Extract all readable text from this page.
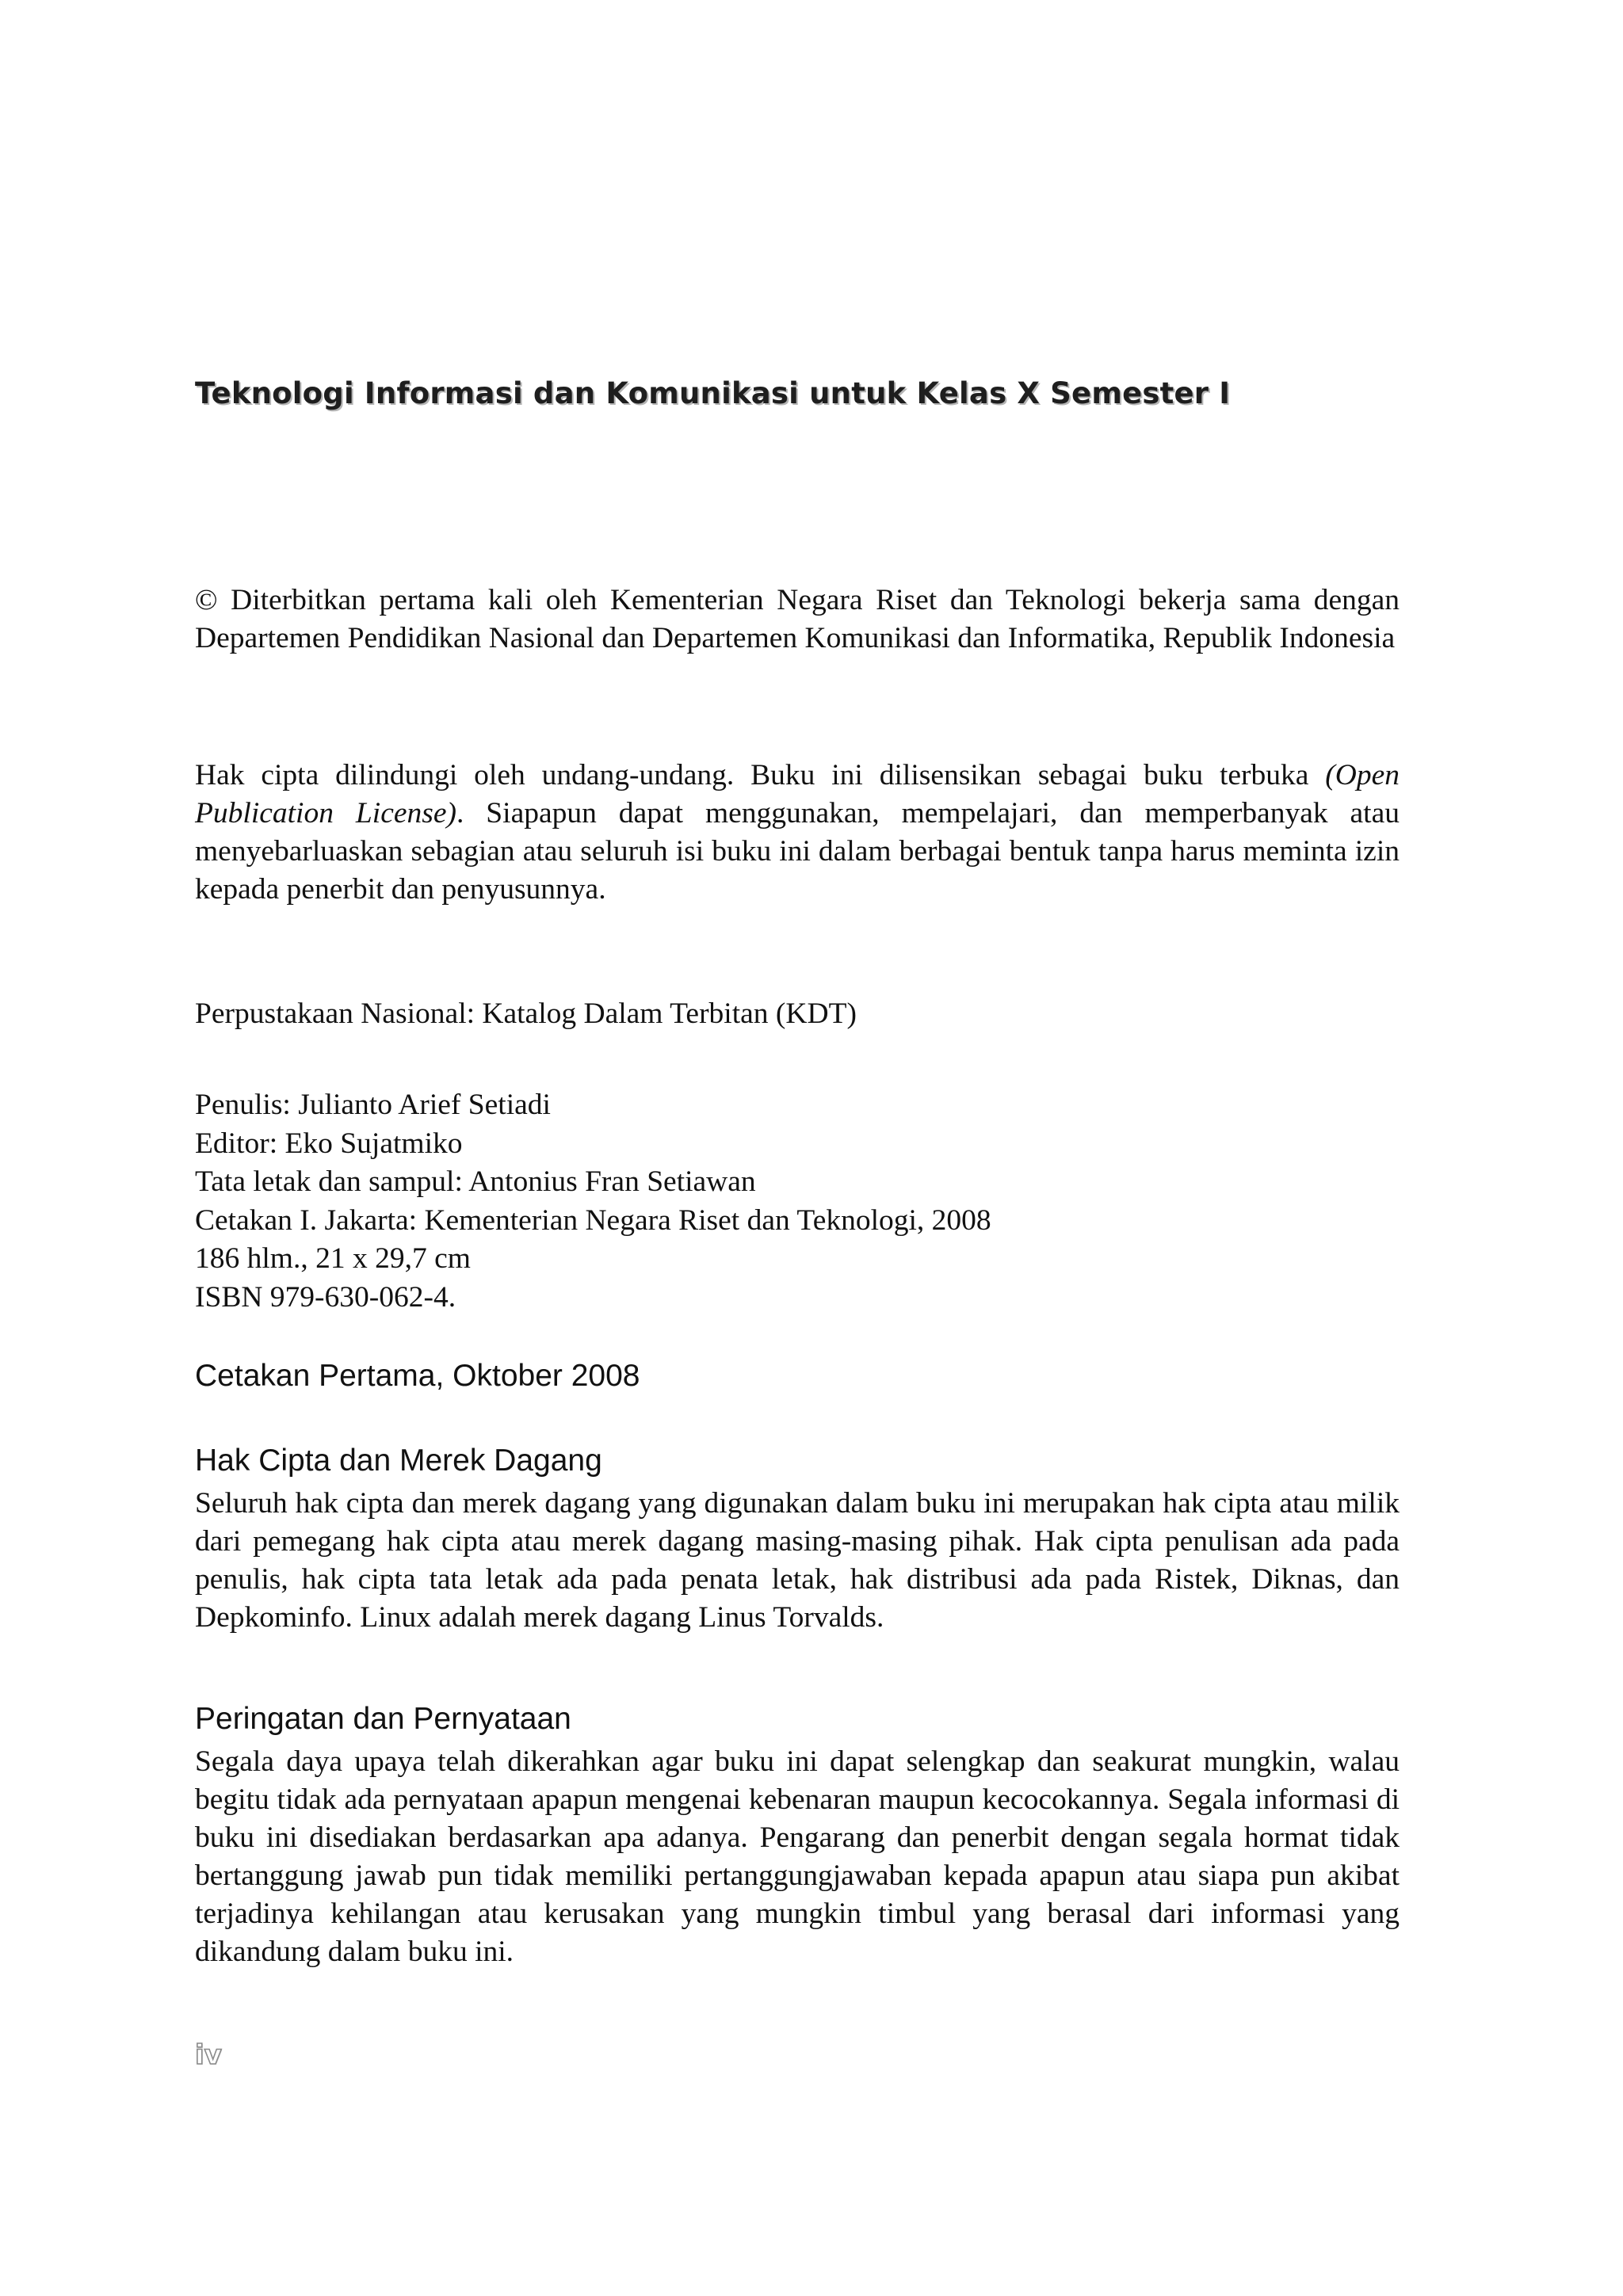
Teknologi Informasi dan Komunikasi untuk Kelas X Semester I

© Diterbitkan pertama kali oleh Kementerian Negara Riset dan Teknologi bekerja sama dengan Departemen Pendidikan Nasional dan Departemen Komunikasi dan Informatika, Republik Indonesia

Hak cipta dilindungi oleh undang-undang. Buku ini dilisensikan sebagai buku terbuka (Open Publication License). Siapapun dapat menggunakan, mempelajari, dan memperbanyak atau menyebarluaskan sebagian atau seluruh isi buku ini dalam berbagai bentuk tanpa harus meminta izin kepada penerbit dan penyusunnya.

Perpustakaan Nasional: Katalog Dalam Terbitan (KDT)

Penulis: Julianto Arief Setiadi
Editor: Eko Sujatmiko
Tata letak dan sampul: Antonius Fran Setiawan
Cetakan I. Jakarta: Kementerian Negara Riset dan Teknologi, 2008
186 hlm., 21 x 29,7 cm
ISBN 979-630-062-4.
Cetakan Pertama, Oktober 2008
Hak Cipta dan Merek Dagang

Seluruh hak cipta dan merek dagang yang digunakan dalam buku ini merupakan hak cipta atau milik dari pemegang hak cipta atau merek dagang masing-masing pihak. Hak cipta penulisan ada pada penulis, hak cipta tata letak ada pada penata letak, hak distribusi ada pada Ristek, Diknas, dan Depkominfo. Linux adalah merek dagang Linus Torvalds.

Peringatan dan Pernyataan

Segala daya upaya telah dikerahkan agar buku ini dapat selengkap dan seakurat mungkin, walau begitu tidak ada pernyataan apapun mengenai kebenaran maupun kecocokannya. Segala informasi di buku ini disediakan berdasarkan apa adanya. Pengarang dan penerbit dengan segala hormat tidak bertanggung jawab pun tidak memiliki pertanggungjawaban kepada apapun atau siapa pun akibat terjadinya kehilangan atau kerusakan yang mungkin timbul yang berasal dari informasi yang dikandung dalam buku ini.

iv
